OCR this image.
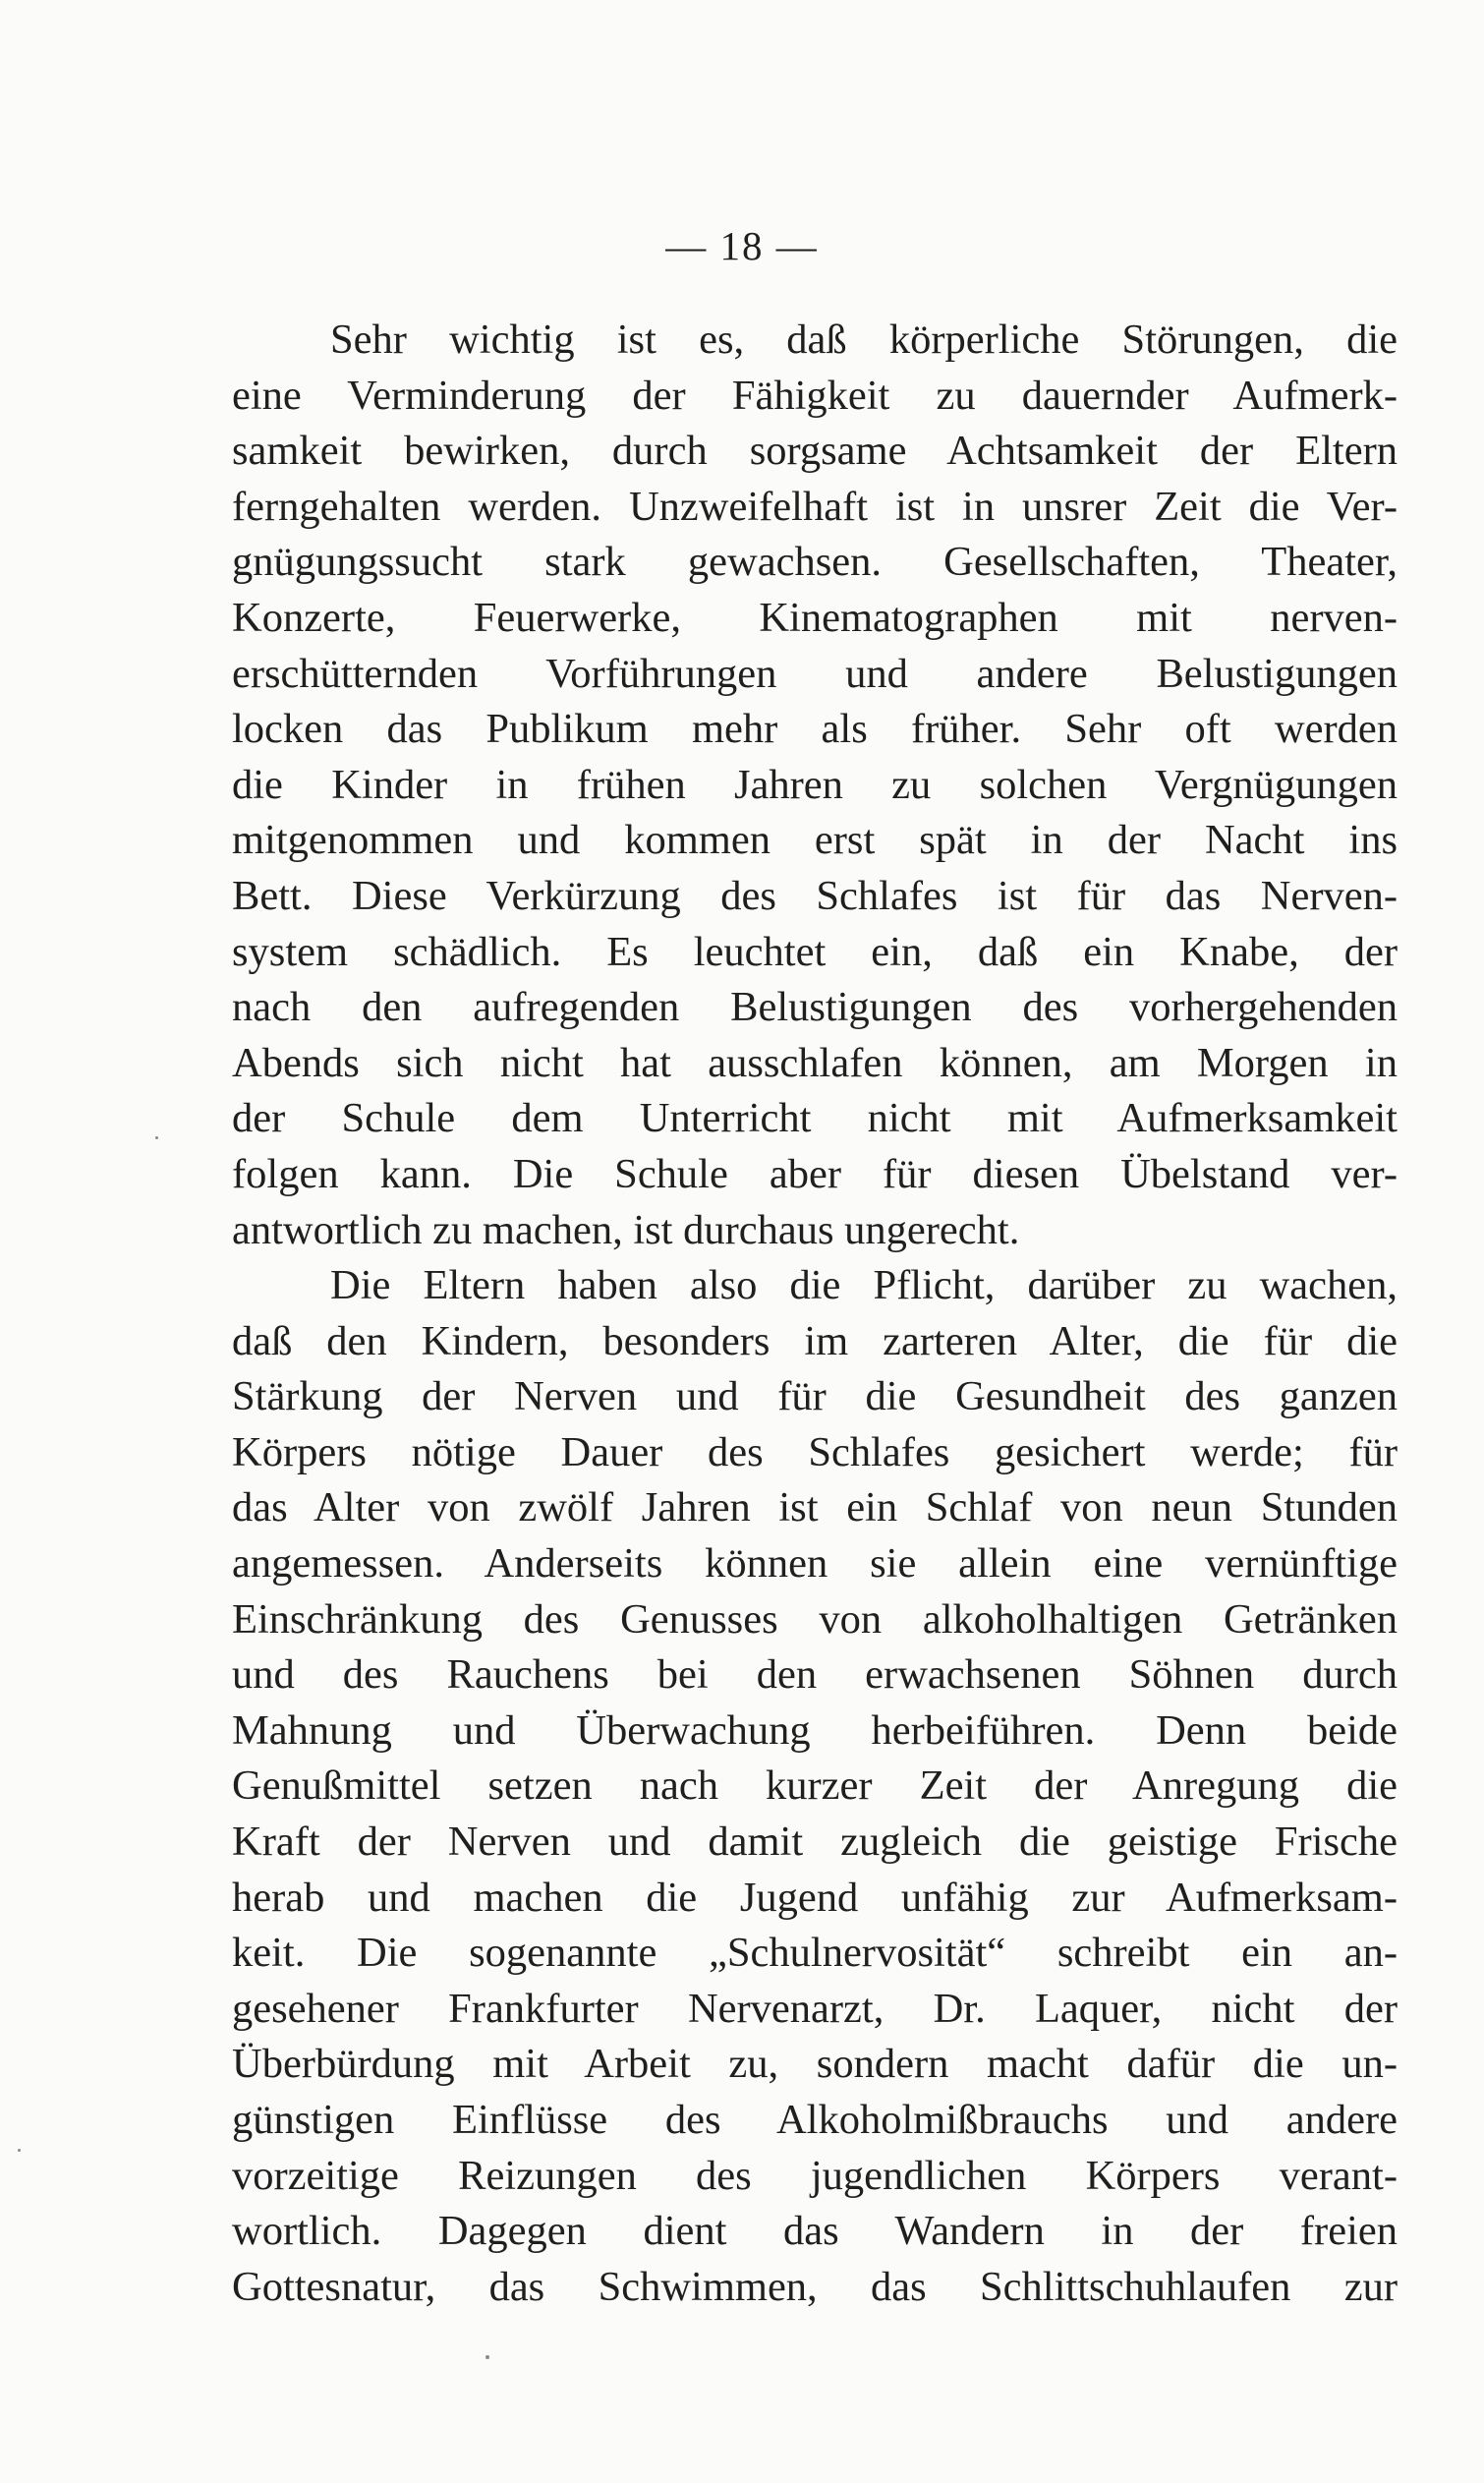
— 18 —
Sehr wichtig ist es, daß körperliche Störungen, die
eine Verminderung der Fähigkeit zu dauernder Aufmerk-
samkeit bewirken, durch sorgsame Achtsamkeit der Eltern
ferngehalten werden. Unzweifelhaft ist in unsrer Zeit die Ver-
gnügungssucht stark gewachsen. Gesellschaften, Theater,
Konzerte, Feuerwerke, Kinematographen mit nerven-
erschütternden Vorführungen und andere Belustigungen
locken das Publikum mehr als früher. Sehr oft werden
die Kinder in frühen Jahren zu solchen Vergnügungen
mitgenommen und kommen erst spät in der Nacht ins
Bett. Diese Verkürzung des Schlafes ist für das Nerven-
system schädlich. Es leuchtet ein, daß ein Knabe, der
nach den aufregenden Belustigungen des vorhergehenden
Abends sich nicht hat ausschlafen können, am Morgen in
der Schule dem Unterricht nicht mit Aufmerksamkeit
folgen kann. Die Schule aber für diesen Übelstand ver-
antwortlich zu machen, ist durchaus ungerecht.
Die Eltern haben also die Pflicht, darüber zu wachen,
daß den Kindern, besonders im zarteren Alter, die für die
Stärkung der Nerven und für die Gesundheit des ganzen
Körpers nötige Dauer des Schlafes gesichert werde; für
das Alter von zwölf Jahren ist ein Schlaf von neun Stunden
angemessen. Anderseits können sie allein eine vernünftige
Einschränkung des Genusses von alkoholhaltigen Getränken
und des Rauchens bei den erwachsenen Söhnen durch
Mahnung und Überwachung herbeiführen. Denn beide
Genußmittel setzen nach kurzer Zeit der Anregung die
Kraft der Nerven und damit zugleich die geistige Frische
herab und machen die Jugend unfähig zur Aufmerksam-
keit. Die sogenannte „Schulnervosität“ schreibt ein an-
gesehener Frankfurter Nervenarzt, Dr. Laquer, nicht der
Überbürdung mit Arbeit zu, sondern macht dafür die un-
günstigen Einflüsse des Alkoholmißbrauchs und andere
vorzeitige Reizungen des jugendlichen Körpers verant-
wortlich. Dagegen dient das Wandern in der freien
Gottesnatur, das Schwimmen, das Schlittschuhlaufen zur
